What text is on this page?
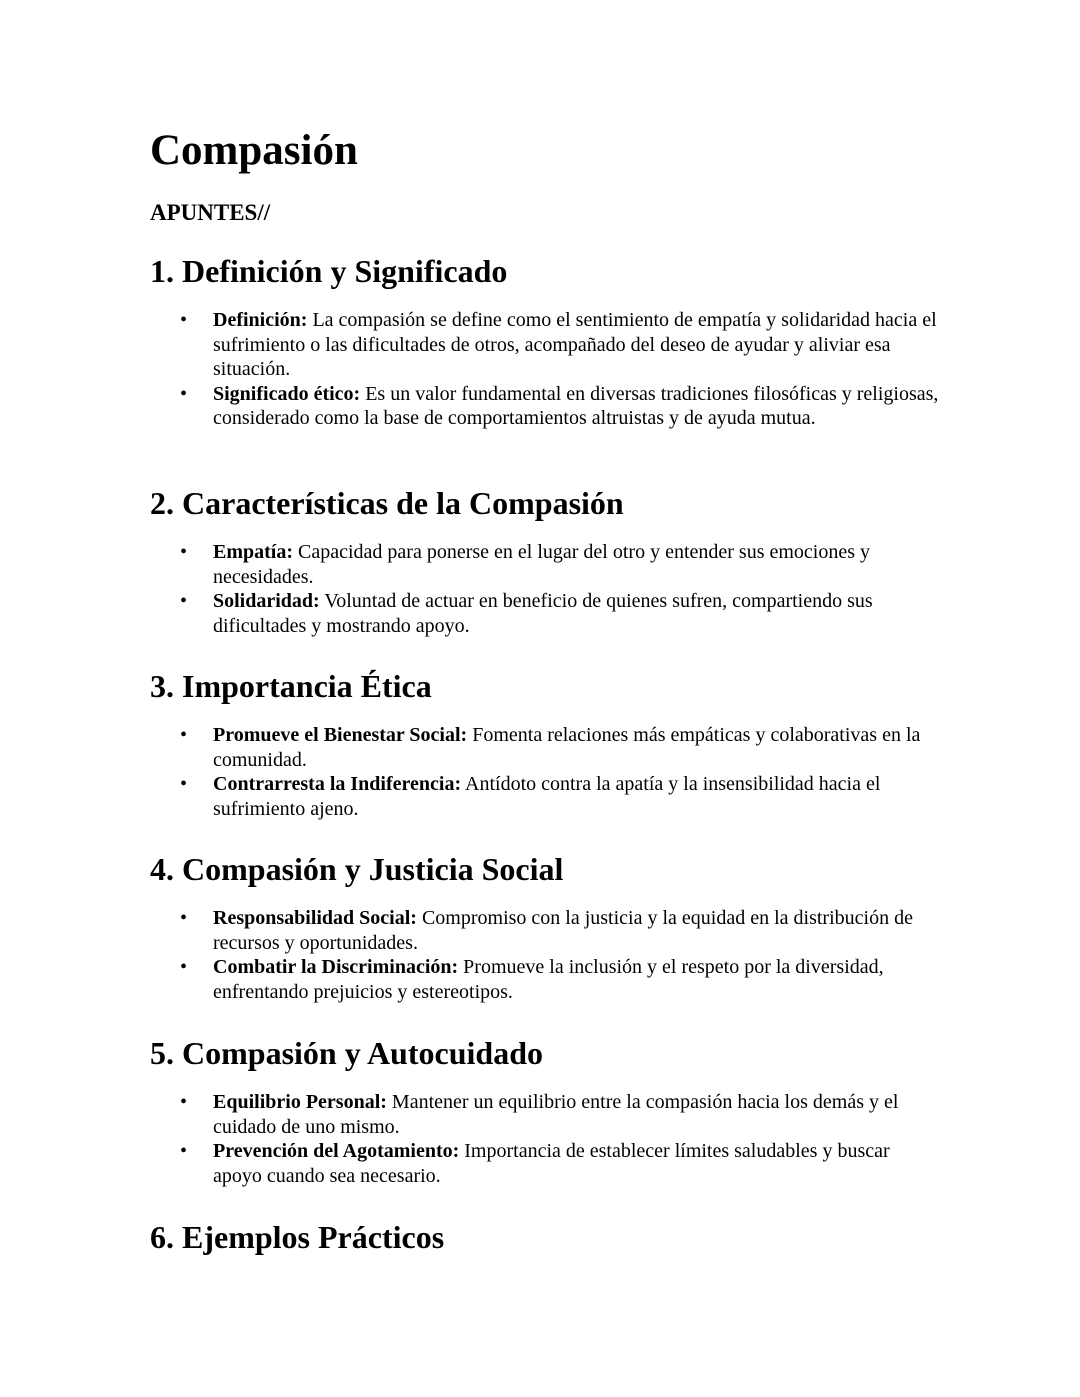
Compasión

APUNTES//

1. Definición y Significado
• Definición: La compasión se define como el sentimiento de empatía y solidaridad hacia el sufrimiento o las dificultades de otros, acompañado del deseo de ayudar y aliviar esa situación.
• Significado ético: Es un valor fundamental en diversas tradiciones filosóficas y religiosas, considerado como la base de comportamientos altruistas y de ayuda mutua.
2. Características de la Compasión
• Empatía: Capacidad para ponerse en el lugar del otro y entender sus emociones y necesidades.
• Solidaridad: Voluntad de actuar en beneficio de quienes sufren, compartiendo sus dificultades y mostrando apoyo.
3. Importancia Ética
• Promueve el Bienestar Social: Fomenta relaciones más empáticas y colaborativas en la comunidad.
• Contrarresta la Indiferencia: Antídoto contra la apatía y la insensibilidad hacia el sufrimiento ajeno.
4. Compasión y Justicia Social
• Responsabilidad Social: Compromiso con la justicia y la equidad en la distribución de recursos y oportunidades.
• Combatir la Discriminación: Promueve la inclusión y el respeto por la diversidad, enfrentando prejuicios y estereotipos.
5. Compasión y Autocuidado
• Equilibrio Personal: Mantener un equilibrio entre la compasión hacia los demás y el cuidado de uno mismo.
• Prevención del Agotamiento: Importancia de establecer límites saludables y buscar apoyo cuando sea necesario.
6. Ejemplos Prácticos
